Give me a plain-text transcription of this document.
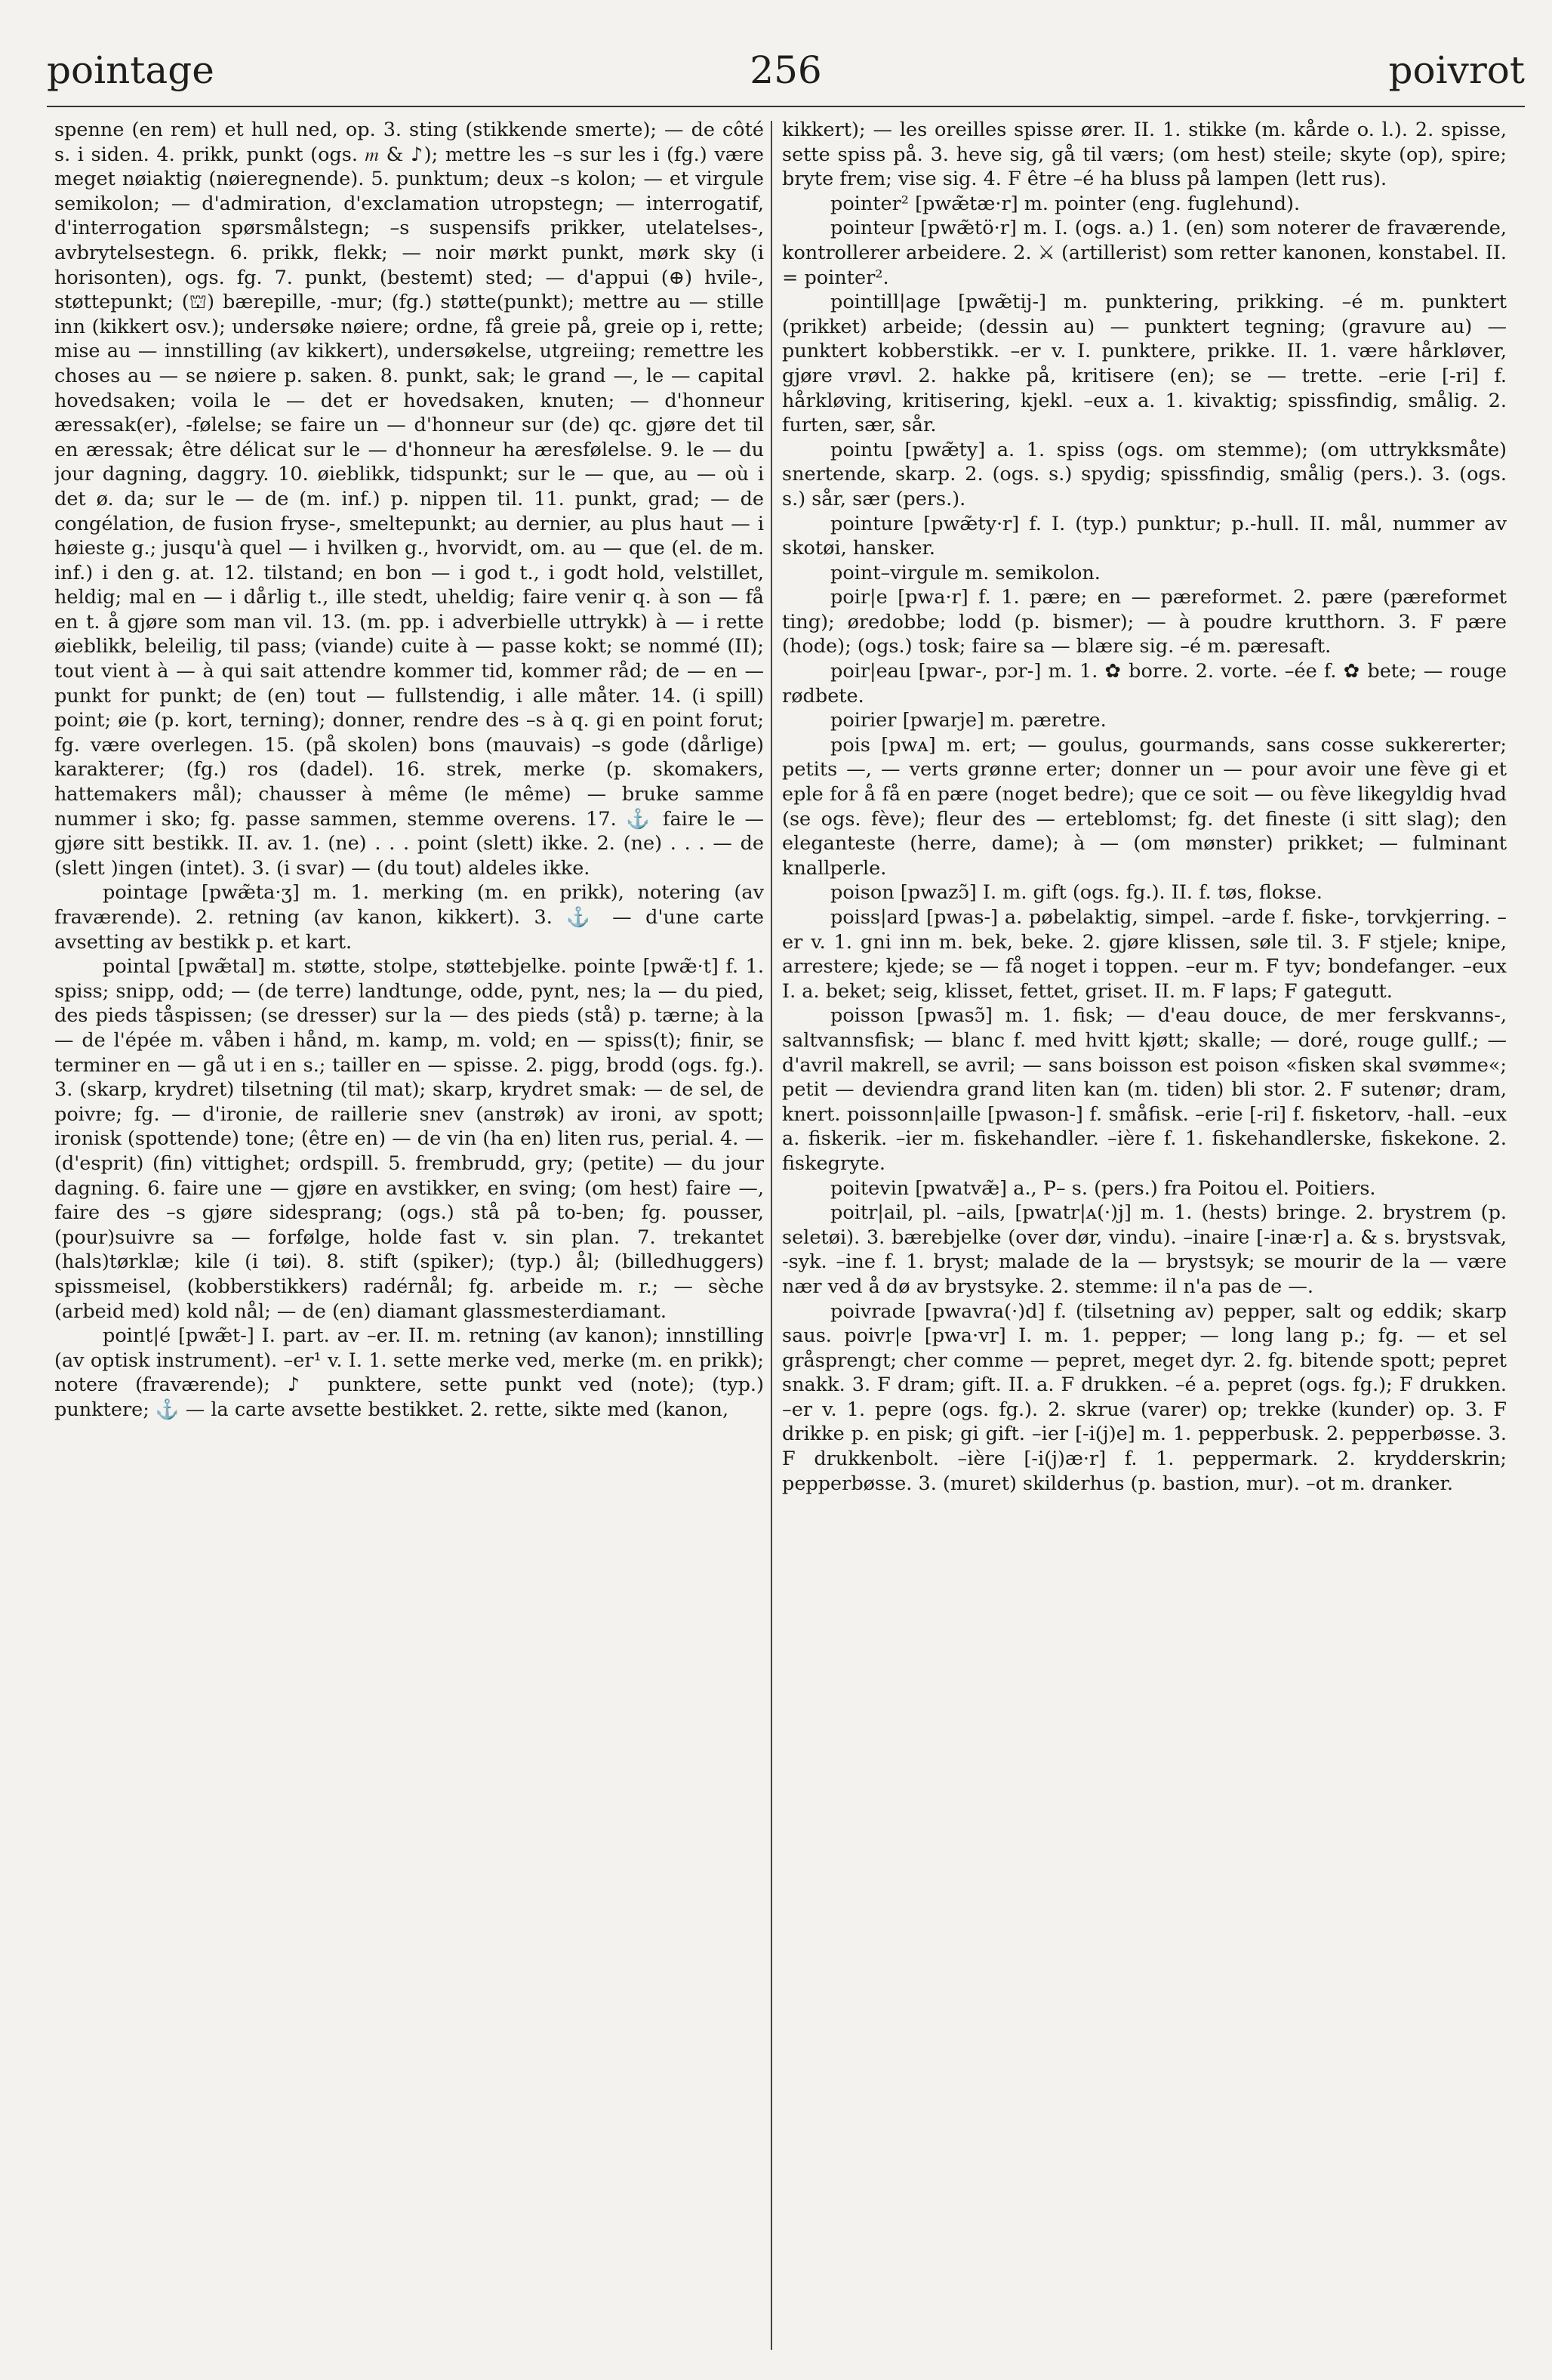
pointage	256	poivrot

spenne (en rem) et hull ned, op. 3. sting (stikkende smerte); — de côté s. i siden. 4. prikk, punkt (ogs. 𝆐 & ♪); mettre les –s sur les i (fg.) være meget nøiaktig (nøieregnende). 5. punktum; deux –s kolon; — et virgule semikolon; — d'admiration, d'exclamation utropstegn; — interrogatif, d'interrogation spørsmålstegn; –s suspensifs prikker, utelatelses-, avbrytelsestegn. 6. prikk, flekk; — noir mørkt punkt, mørk sky (i horisonten), ogs. fg. 7. punkt, (bestemt) sted; — d'appui (⊕) hvile-, støttepunkt; (⛫) bærepille, -mur; (fg.) støtte(punkt); mettre au — stille inn (kikkert osv.); undersøke nøiere; ordne, få greie på, greie op i, rette; mise au — innstilling (av kikkert), undersøkelse, utgreiing; remettre les choses au — se nøiere p. saken. 8. punkt, sak; le grand —, le — capital hovedsaken; voila le — det er hovedsaken, knuten; — d'honneur æressak(er), -følelse; se faire un — d'honneur sur (de) qc. gjøre det til en æressak; être délicat sur le — d'honneur ha æresfølelse. 9. le — du jour dagning, daggry. 10. øieblikk, tidspunkt; sur le — que, au — où i det ø. da; sur le — de (m. inf.) p. nippen til. 11. punkt, grad; — de congélation, de fusion fryse-, smeltepunkt; au dernier, au plus haut — i høieste g.; jusqu'à quel — i hvilken g., hvorvidt, om. au — que (el. de m. inf.) i den g. at. 12. tilstand; en bon — i god t., i godt hold, velstillet, heldig; mal en — i dårlig t., ille stedt, uheldig; faire venir q. à son — få en t. å gjøre som man vil. 13. (m. pp. i adverbielle uttrykk) à — i rette øieblikk, beleilig, til pass; (viande) cuite à — passe kokt; se nommé (II); tout vient à — à qui sait attendre kommer tid, kommer råd; de — en — punkt for punkt; de (en) tout — fullstendig, i alle måter. 14. (i spill) point; øie (p. kort, terning); donner, rendre des –s à q. gi en point forut; fg. være overlegen. 15. (på skolen) bons (mauvais) –s gode (dårlige) karakterer; (fg.) ros (dadel). 16. strek, merke (p. skomakers, hattemakers mål); chausser à même (le même) — bruke samme nummer i sko; fg. passe sammen, stemme overens. 17. ⚓ faire le — gjøre sitt bestikk. II. av. 1. (ne) . . . point (slett) ikke. 2. (ne) . . . — de (slett )ingen (intet). 3. (i svar) — (du tout) aldeles ikke.

pointage [pwæ̃ta·ʒ] m. 1. merking (m. en prikk), notering (av fraværende). 2. retning (av kanon, kikkert). 3. ⚓ — d'une carte avsetting av bestikk p. et kart.

pointal [pwæ̃tal] m. støtte, stolpe, støttebjelke. pointe [pwæ̃·t] f. 1. spiss; snipp, odd; — (de terre) landtunge, odde, pynt, nes; la — du pied, des pieds tåspissen; (se dresser) sur la — des pieds (stå) p. tærne; à la — de l'épée m. våben i hånd, m. kamp, m. vold; en — spiss(t); finir, se terminer en — gå ut i en s.; tailler en — spisse. 2. pigg, brodd (ogs. fg.). 3. (skarp, krydret) tilsetning (til mat); skarp, krydret smak: — de sel, de poivre; fg. — d'ironie, de raillerie snev (anstrøk) av ironi, av spott; ironisk (spottende) tone; (être en) — de vin (ha en) liten rus, perial. 4. — (d'esprit) (fin) vittighet; ordspill. 5. frembrudd, gry; (petite) — du jour dagning. 6. faire une — gjøre en avstikker, en sving; (om hest) faire —, faire des –s gjøre sidesprang; (ogs.) stå på to-ben; fg. pousser, (pour)suivre sa — forfølge, holde fast v. sin plan. 7. trekantet (hals)tørklæ; kile (i tøi). 8. stift (spiker); (typ.) ål; (billedhuggers) spissmeisel, (kobberstikkers) radérnål; fg. arbeide m. r.; — sèche (arbeid med) kold nål; — de (en) diamant glassmesterdiamant.

point|é [pwæ̃t-] I. part. av –er. II. m. retning (av kanon); innstilling (av optisk instrument). –er¹ v. I. 1. sette merke ved, merke (m. en prikk); notere (fraværende); ♪ punktere, sette punkt ved (note); (typ.) punktere; ⚓ — la carte avsette bestikket. 2. rette, sikte med (kanon,

kikkert); — les oreilles spisse ører. II. 1. stikke (m. kårde o. l.). 2. spisse, sette spiss på. 3. heve sig, gå til værs; (om hest) steile; skyte (op), spire; bryte frem; vise sig. 4. F être –é ha bluss på lampen (lett rus).

pointer² [pwæ̃tæ·r] m. pointer (eng. fuglehund).

pointeur [pwæ̃tö·r] m. I. (ogs. a.) 1. (en) som noterer de fraværende, kontrollerer arbeidere. 2. ⚔ (artillerist) som retter kanonen, konstabel. II. = pointer².

pointill|age [pwæ̃tij-] m. punktering, prikking. –é m. punktert (prikket) arbeide; (dessin au) — punktert tegning; (gravure au) — punktert kobberstikk. –er v. I. punktere, prikke. II. 1. være hårkløver, gjøre vrøvl. 2. hakke på, kritisere (en); se — trette. –erie [-ri] f. hårkløving, kritisering, kjekl. –eux a. 1. kivaktig; spissfindig, smålig. 2. furten, sær, sår.

pointu [pwæ̃ty] a. 1. spiss (ogs. om stemme); (om uttrykksmåte) snertende, skarp. 2. (ogs. s.) spydig; spissfindig, smålig (pers.). 3. (ogs. s.) sår, sær (pers.).

pointure [pwæ̃ty·r] f. I. (typ.) punktur; p.-hull. II. mål, nummer av skotøi, hansker.

point–virgule m. semikolon.

poir|e [pwa·r] f. 1. pære; en — pæreformet. 2. pære (pæreformet ting); øredobbe; lodd (p. bismer); — à poudre krutthorn. 3. F pære (hode); (ogs.) tosk; faire sa — blære sig. –é m. pæresaft.

poir|eau [pwar-, pɔr-] m. 1. ✿ borre. 2. vorte. –ée f. ✿ bete; — rouge rødbete.

poirier [pwarje] m. pæretre.

pois [pwᴀ] m. ert; — goulus, gourmands, sans cosse sukkererter; petits —, — verts grønne erter; donner un — pour avoir une fève gi et eple for å få en pære (noget bedre); que ce soit — ou fève likegyldig hvad (se ogs. fève); fleur des — erteblomst; fg. det fineste (i sitt slag); den eleganteste (herre, dame); à — (om mønster) prikket; — fulminant knallperle.

poison [pwazɔ̃] I. m. gift (ogs. fg.). II. f. tøs, flokse.

poiss|ard [pwas-] a. pøbelaktig, simpel. –arde f. fiske-, torvkjerring. –er v. 1. gni inn m. bek, beke. 2. gjøre klissen, søle til. 3. F stjele; knipe, arrestere; kjede; se — få noget i toppen. –eur m. F tyv; bondefanger. –eux I. a. beket; seig, klisset, fettet, griset. II. m. F laps; F gategutt.

poisson [pwasɔ̃] m. 1. fisk; — d'eau douce, de mer ferskvanns-, saltvannsfisk; — blanc f. med hvitt kjøtt; skalle; — doré, rouge gullf.; — d'avril makrell, se avril; — sans boisson est poison «fisken skal svømme«; petit — deviendra grand liten kan (m. tiden) bli stor. 2. F sutenør; dram, knert. poissonn|aille [pwason-] f. småfisk. –erie [-ri] f. fisketorv, -hall. –eux a. fiskerik. –ier m. fiskehandler. –ière f. 1. fiskehandlerske, fiskekone. 2. fiskegryte.

poitevin [pwatvæ̃] a., P– s. (pers.) fra Poitou el. Poitiers.

poitr|ail, pl. –ails, [pwatr|ᴀ(·)j] m. 1. (hests) bringe. 2. brystrem (p. seletøi). 3. bærebjelke (over dør, vindu). –inaire [-inæ·r] a. & s. brystsvak, -syk. –ine f. 1. bryst; malade de la — brystsyk; se mourir de la — være nær ved å dø av brystsyke. 2. stemme: il n'a pas de —.

poivrade [pwavra(·)d] f. (tilsetning av) pepper, salt og eddik; skarp saus. poivr|e [pwa·vr] I. m. 1. pepper; — long lang p.; fg. — et sel gråsprengt; cher comme — pepret, meget dyr. 2. fg. bitende spott; pepret snakk. 3. F dram; gift. II. a. F drukken. –é a. pepret (ogs. fg.); F drukken. –er v. 1. pepre (ogs. fg.). 2. skrue (varer) op; trekke (kunder) op. 3. F drikke p. en pisk; gi gift. –ier [-i(j)e] m. 1. pepperbusk. 2. pepperbøsse. 3. F drukkenbolt. –ière [-i(j)æ·r] f. 1. peppermark. 2. krydderskrin; pepperbøsse. 3. (muret) skilderhus (p. bastion, mur). –ot m. dranker.
